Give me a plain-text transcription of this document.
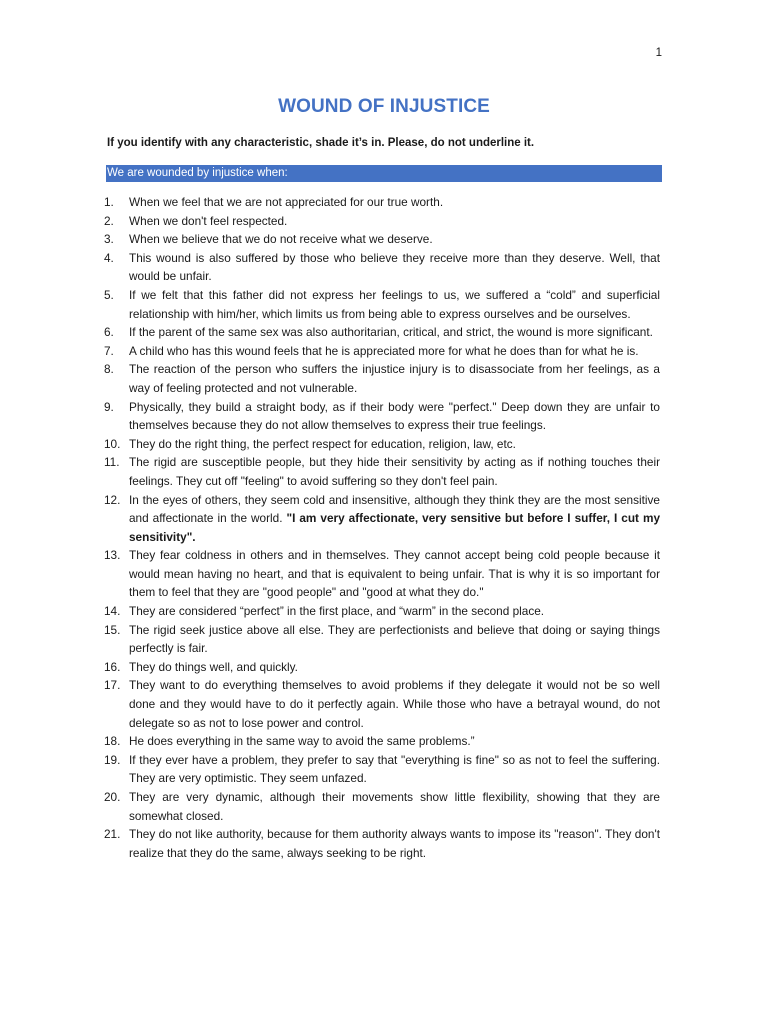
1
WOUND OF INJUSTICE
If you identify with any characteristic, shade it’s in. Please, do not underline it.
We are wounded by injustice when:
1. When we feel that we are not appreciated for our true worth.
2. When we don't feel respected.
3. When we believe that we do not receive what we deserve.
4. This wound is also suffered by those who believe they receive more than they deserve. Well, that would be unfair.
5. If we felt that this father did not express her feelings to us, we suffered a “cold” and superficial relationship with him/her, which limits us from being able to express ourselves and be ourselves.
6. If the parent of the same sex was also authoritarian, critical, and strict, the wound is more significant.
7. A child who has this wound feels that he is appreciated more for what he does than for what he is.
8. The reaction of the person who suffers the injustice injury is to disassociate from her feelings, as a way of feeling protected and not vulnerable.
9. Physically, they build a straight body, as if their body were "perfect." Deep down they are unfair to themselves because they do not allow themselves to express their true feelings.
10. They do the right thing, the perfect respect for education, religion, law, etc.
11. The rigid are susceptible people, but they hide their sensitivity by acting as if nothing touches their feelings. They cut off "feeling" to avoid suffering so they don't feel pain.
12. In the eyes of others, they seem cold and insensitive, although they think they are the most sensitive and affectionate in the world. "I am very affectionate, very sensitive but before I suffer, I cut my sensitivity".
13. They fear coldness in others and in themselves. They cannot accept being cold people because it would mean having no heart, and that is equivalent to being unfair. That is why it is so important for them to feel that they are "good people" and "good at what they do."
14. They are considered “perfect” in the first place, and “warm” in the second place.
15. The rigid seek justice above all else. They are perfectionists and believe that doing or saying things perfectly is fair.
16. They do things well, and quickly.
17. They want to do everything themselves to avoid problems if they delegate it would not be so well done and they would have to do it perfectly again. While those who have a betrayal wound, do not delegate so as not to lose power and control.
18. He does everything in the same way to avoid the same problems.”
19. If they ever have a problem, they prefer to say that "everything is fine" so as not to feel the suffering. They are very optimistic. They seem unfazed.
20. They are very dynamic, although their movements show little flexibility, showing that they are somewhat closed.
21. They do not like authority, because for them authority always wants to impose its "reason". They don't realize that they do the same, always seeking to be right.
